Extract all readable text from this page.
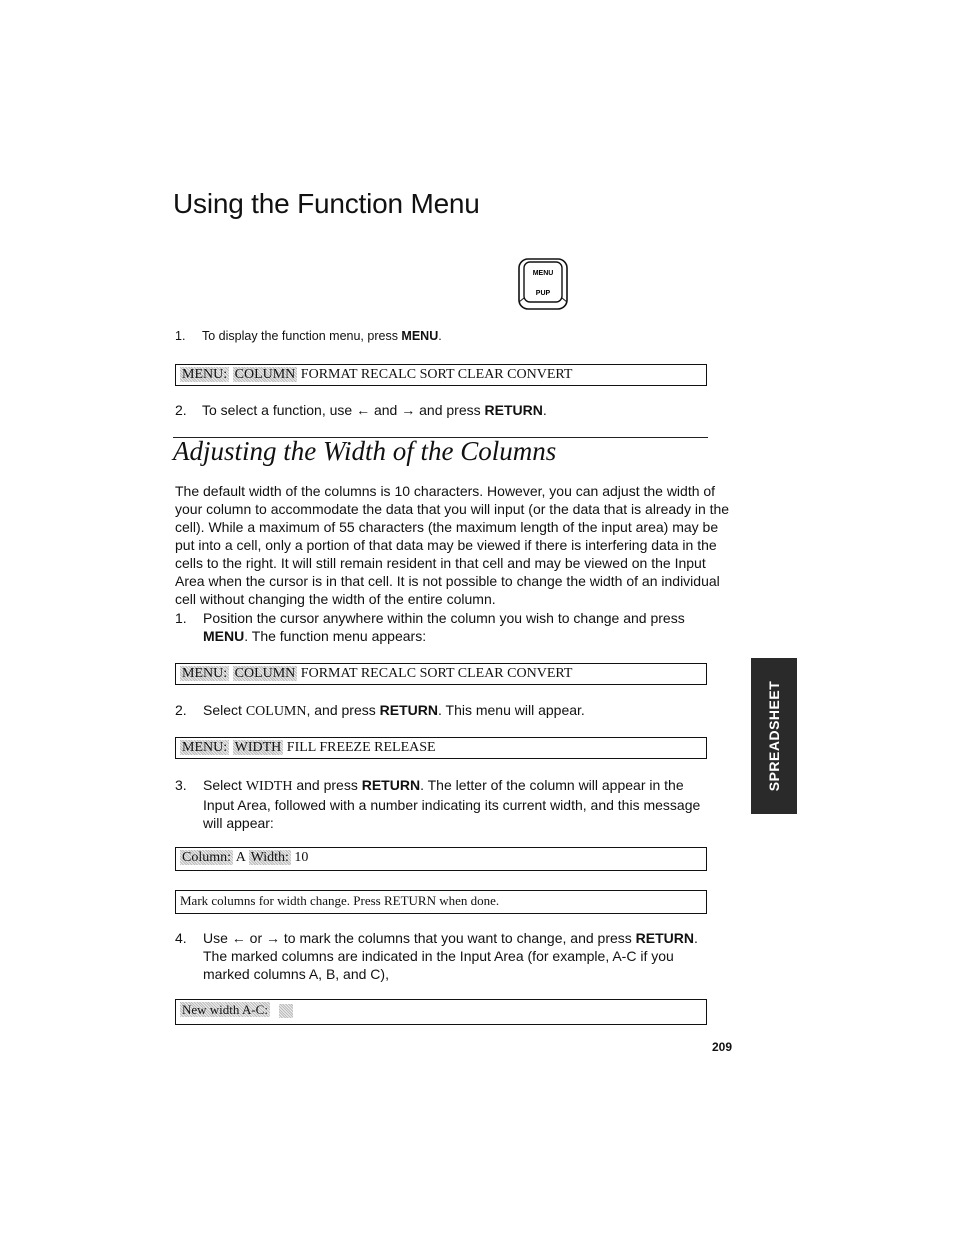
Using the Function Menu
MENU
PUP
1. To display the function menu, press MENU.
MENU: COLUMN FORMAT RECALC SORT CLEAR CONVERT
2. To select a function, use ← and → and press RETURN.
Adjusting the Width of the Columns

The default width of the columns is 10 characters. However, you can adjust the width of your column to accommodate the data that you will input (or the data that is already in the cell). While a maximum of 55 characters (the maximum length of the input area) may be put into a cell, only a portion of that data may be viewed if there is interfering data in the cells to the right. It will still remain resident in that cell and may be viewed on the Input Area when the cursor is in that cell. It is not possible to change the width of an individual cell without changing the width of the entire column.

1. Position the cursor anywhere within the column you wish to change and press
MENU. The function menu appears:
MENU: COLUMN FORMAT RECALC SORT CLEAR CONVERT
2. Select COLUMN, and press RETURN. This menu will appear.
MENU: WIDTH FILL FREEZE RELEASE
3. Select WIDTH and press RETURN. The letter of the column will appear in the
Input Area, followed with a number indicating its current width, and this message
will appear:
Column: A Width: 10
Mark columns for width change. Press RETURN when done.
4. Use ← or → to mark the columns that you want to change, and press RETURN.
The marked columns are indicated in the Input Area (for example, A-C if you
marked columns A, B, and C),
New width A-C:
SPREADSHEET
209
